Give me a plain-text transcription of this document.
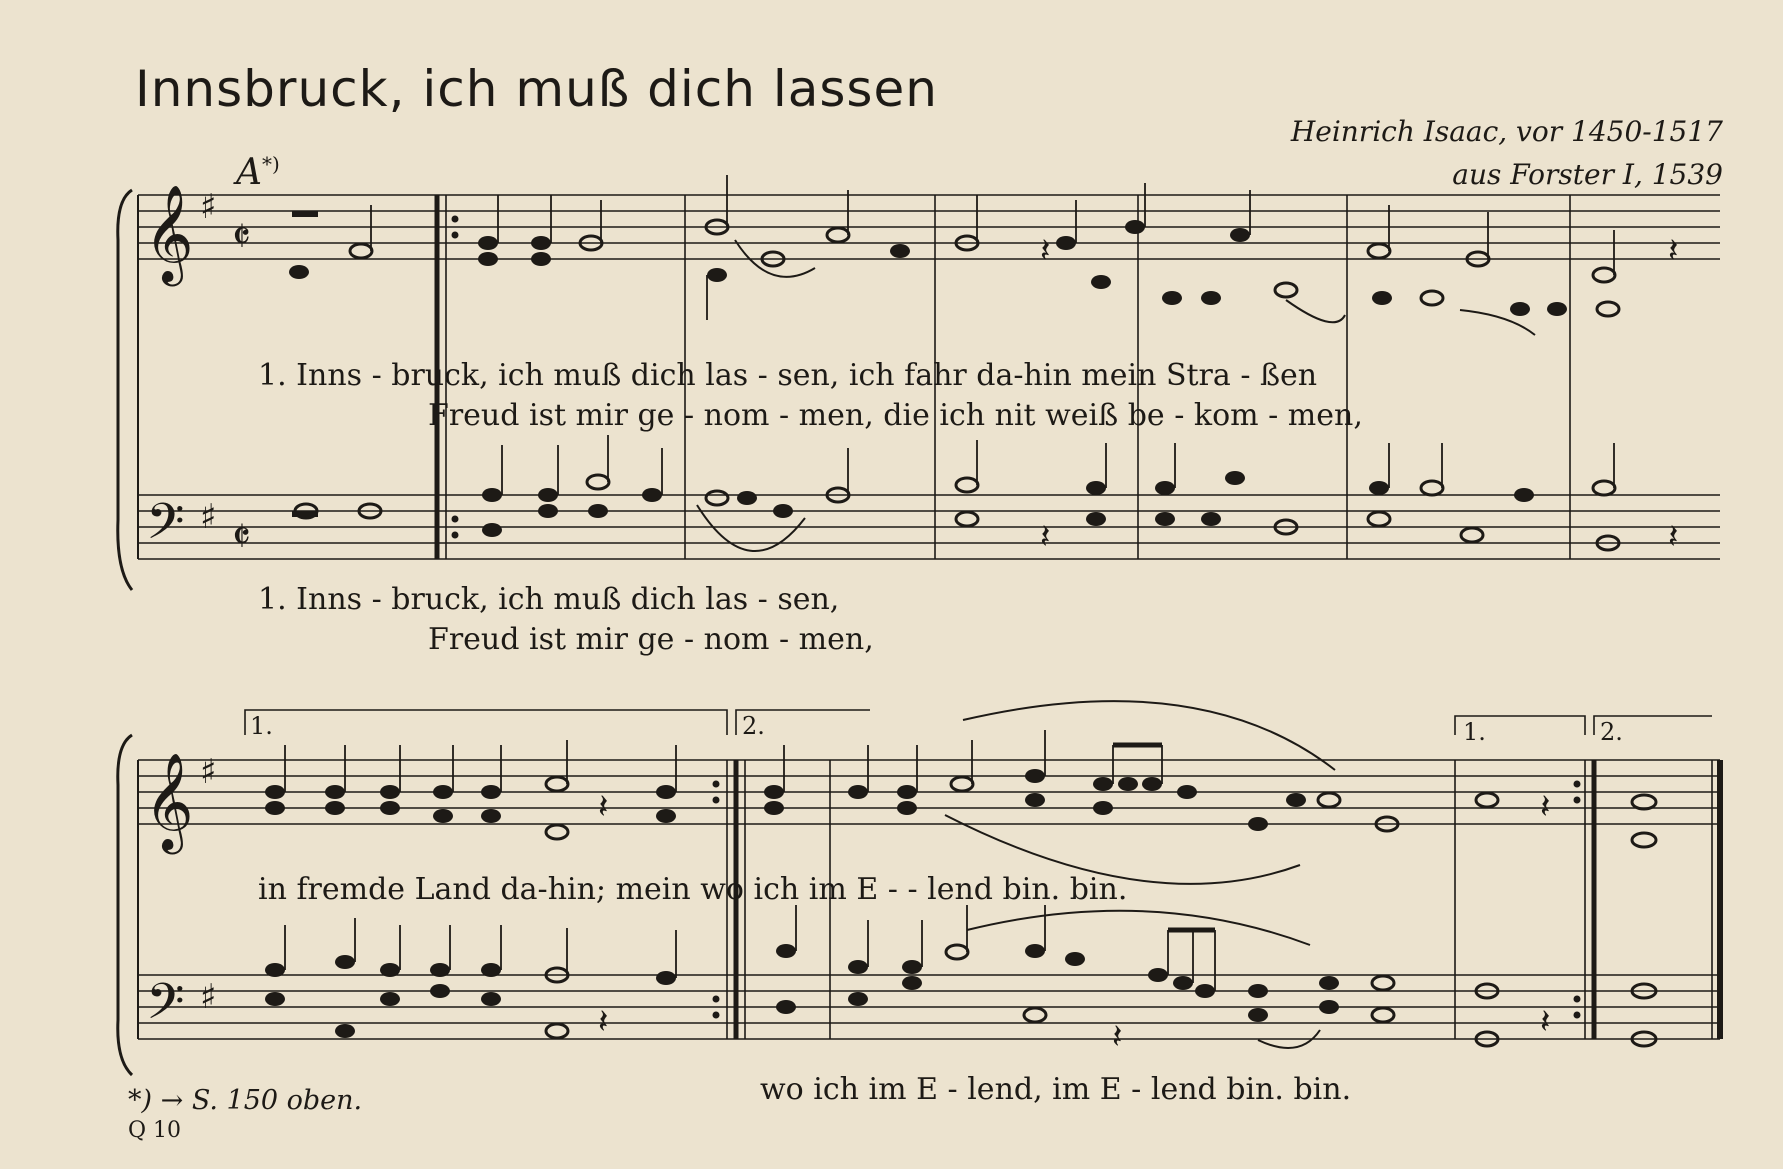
Innsbruck, ich muß dich lassen
Heinrich Isaac, vor 1450-1517
aus Forster I, 1539
A*)
𝄞
𝄞
𝄢
𝄢
♯
♯
♯
♯
𝄵
𝄵
𝄽	𝄽
𝄽	𝄽
𝄽
𝄽
𝄽
𝄽
𝄽
1. Inns - bruck, ich muß dich las - sen, ich fahr da-hin mein Stra - ßen
Freud ist mir ge - nom - men, die ich nit weiß be - kom - men,
1. Inns - bruck, ich muß dich las - sen,
Freud ist mir ge - nom - men,
1.	2.	1.	2.
in fremde Land da-hin; mein wo ich im E - - lend bin. bin.
wo ich im E - lend, im E - lend bin. bin.
*) → S. 150 oben.
Q 10
